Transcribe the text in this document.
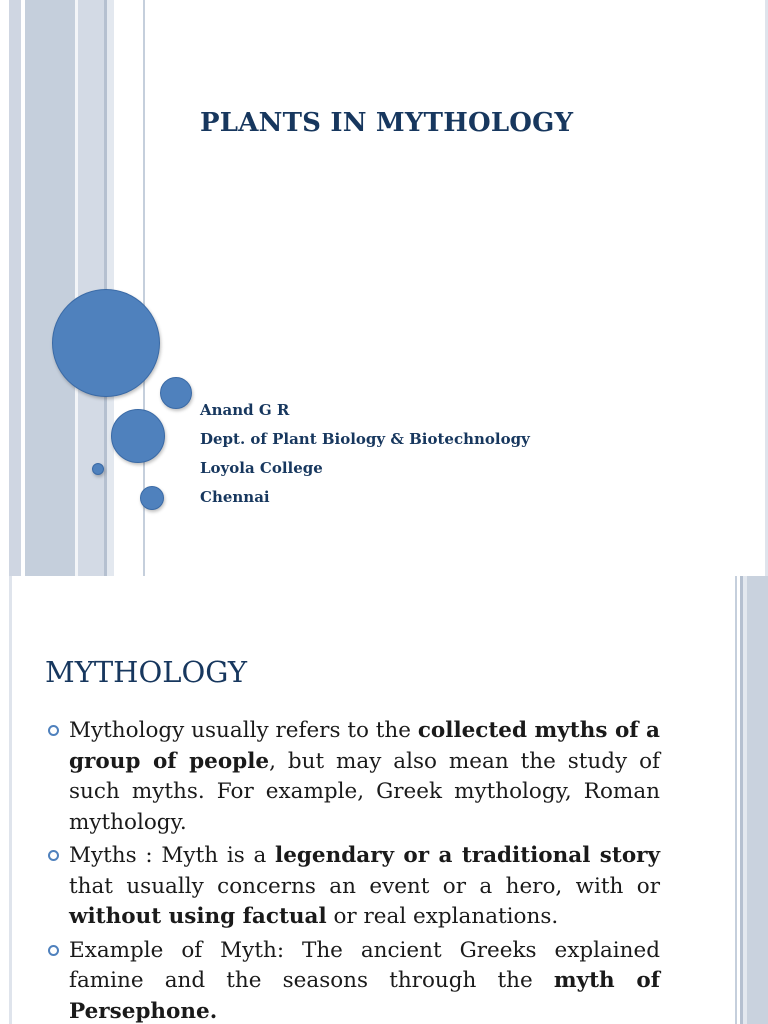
PLANTS IN MYTHOLOGY
Anand G R
Dept. of Plant Biology & Biotechnology
Loyola College
Chennai
MYTHOLOGY

Mythology usually refers to the collected myths of a group of people, but may also mean the study of such myths. For example, Greek mythology, Roman mythology.

Myths : Myth is a legendary or a traditional story that usually concerns an event or a hero, with or without using factual or real explanations.

Example of Myth: The ancient Greeks explained famine and the seasons through the myth of Persephone.
